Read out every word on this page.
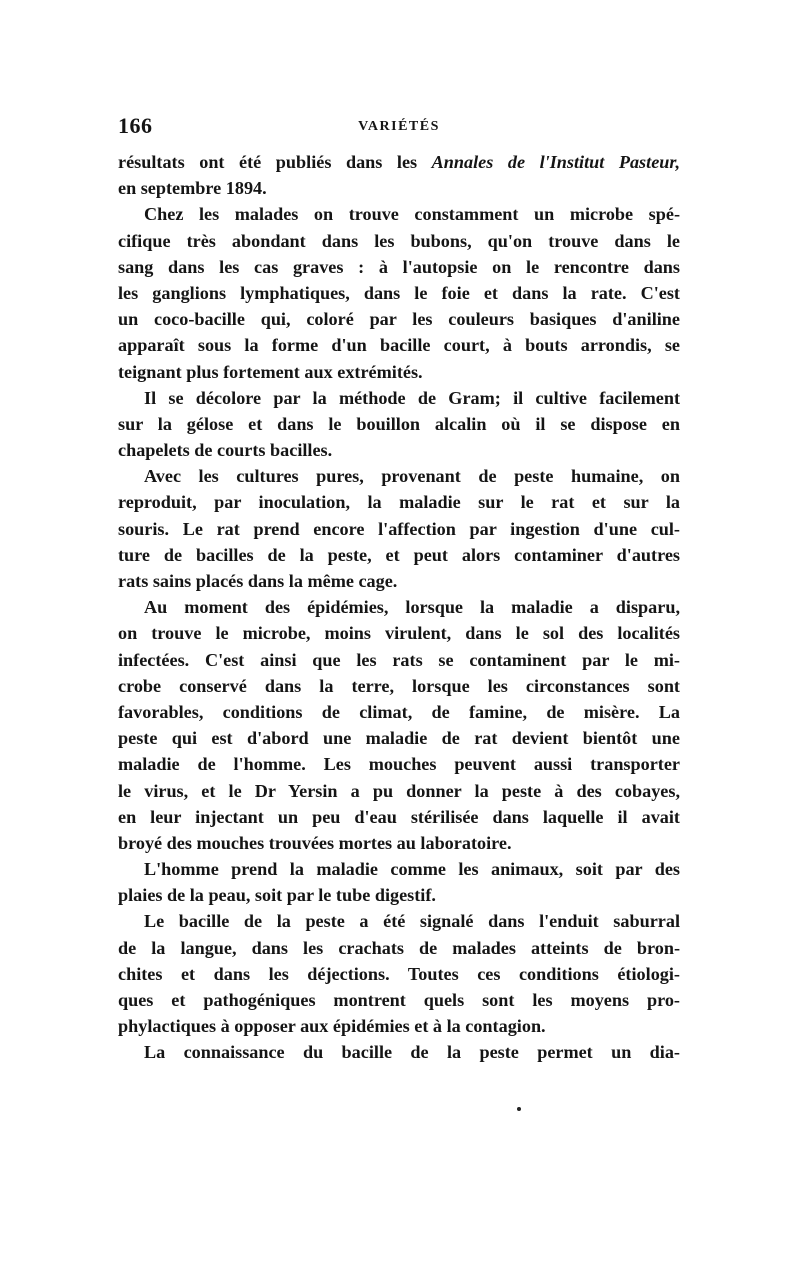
166	VARIÉTÉS
résultats ont été publiés dans les Annales de l'Institut Pasteur,
en septembre 1894.
Chez les malades on trouve constamment un microbe spé-
cifique très abondant dans les bubons, qu'on trouve dans le
sang dans les cas graves : à l'autopsie on le rencontre dans
les ganglions lymphatiques, dans le foie et dans la rate. C'est
un coco-bacille qui, coloré par les couleurs basiques d'aniline
apparaît sous la forme d'un bacille court, à bouts arrondis, se
teignant plus fortement aux extrémités.
Il se décolore par la méthode de Gram; il cultive facilement
sur la gélose et dans le bouillon alcalin où il se dispose en
chapelets de courts bacilles.
Avec les cultures pures, provenant de peste humaine, on
reproduit, par inoculation, la maladie sur le rat et sur la
souris. Le rat prend encore l'affection par ingestion d'une cul-
ture de bacilles de la peste, et peut alors contaminer d'autres
rats sains placés dans la même cage.
Au moment des épidémies, lorsque la maladie a disparu,
on trouve le microbe, moins virulent, dans le sol des localités
infectées. C'est ainsi que les rats se contaminent par le mi-
crobe conservé dans la terre, lorsque les circonstances sont
favorables, conditions de climat, de famine, de misère. La
peste qui est d'abord une maladie de rat devient bientôt une
maladie de l'homme. Les mouches peuvent aussi transporter
le virus, et le Dr Yersin a pu donner la peste à des cobayes,
en leur injectant un peu d'eau stérilisée dans laquelle il avait
broyé des mouches trouvées mortes au laboratoire.
L'homme prend la maladie comme les animaux, soit par des
plaies de la peau, soit par le tube digestif.
Le bacille de la peste a été signalé dans l'enduit saburral
de la langue, dans les crachats de malades atteints de bron-
chites et dans les déjections. Toutes ces conditions étiologi-
ques et pathogéniques montrent quels sont les moyens pro-
phylactiques à opposer aux épidémies et à la contagion.
La connaissance du bacille de la peste permet un dia-
